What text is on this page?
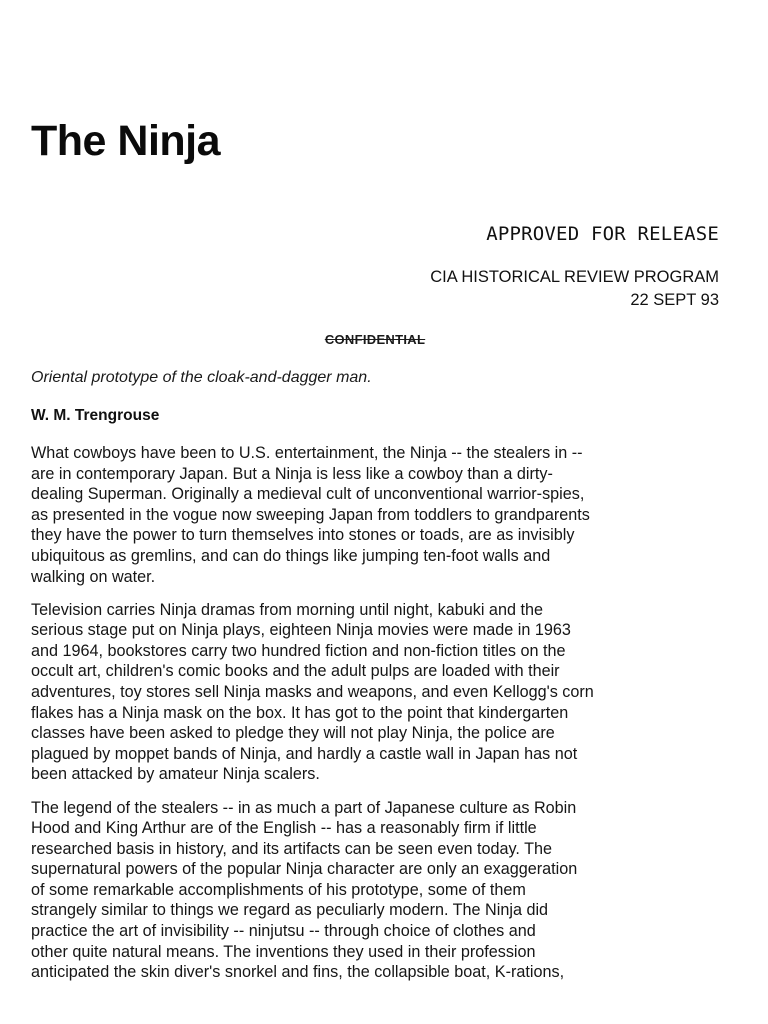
The Ninja
APPROVED FOR RELEASE
CIA HISTORICAL REVIEW PROGRAM
22 SEPT 93
CONFIDENTIAL
Oriental prototype of the cloak-and-dagger man.
W. M. Trengrouse

What cowboys have been to U.S. entertainment, the Ninja -- the stealers in --
are in contemporary Japan. But a Ninja is less like a cowboy than a dirty-
dealing Superman. Originally a medieval cult of unconventional warrior-spies,
as presented in the vogue now sweeping Japan from toddlers to grandparents
they have the power to turn themselves into stones or toads, are as invisibly
ubiquitous as gremlins, and can do things like jumping ten-foot walls and
walking on water.

Television carries Ninja dramas from morning until night, kabuki and the
serious stage put on Ninja plays, eighteen Ninja movies were made in 1963
and 1964, bookstores carry two hundred fiction and non-fiction titles on the
occult art, children's comic books and the adult pulps are loaded with their
adventures, toy stores sell Ninja masks and weapons, and even Kellogg's corn
flakes has a Ninja mask on the box. It has got to the point that kindergarten
classes have been asked to pledge they will not play Ninja, the police are
plagued by moppet bands of Ninja, and hardly a castle wall in Japan has not
been attacked by amateur Ninja scalers.

The legend of the stealers -- in as much a part of Japanese culture as Robin
Hood and King Arthur are of the English -- has a reasonably firm if little
researched basis in history, and its artifacts can be seen even today. The
supernatural powers of the popular Ninja character are only an exaggeration
of some remarkable accomplishments of his prototype, some of them
strangely similar to things we regard as peculiarly modern. The Ninja did
practice the art of invisibility -- ninjutsu -- through choice of clothes and
other quite natural means. The inventions they used in their profession
anticipated the skin diver's snorkel and fins, the collapsible boat, K-rations,
